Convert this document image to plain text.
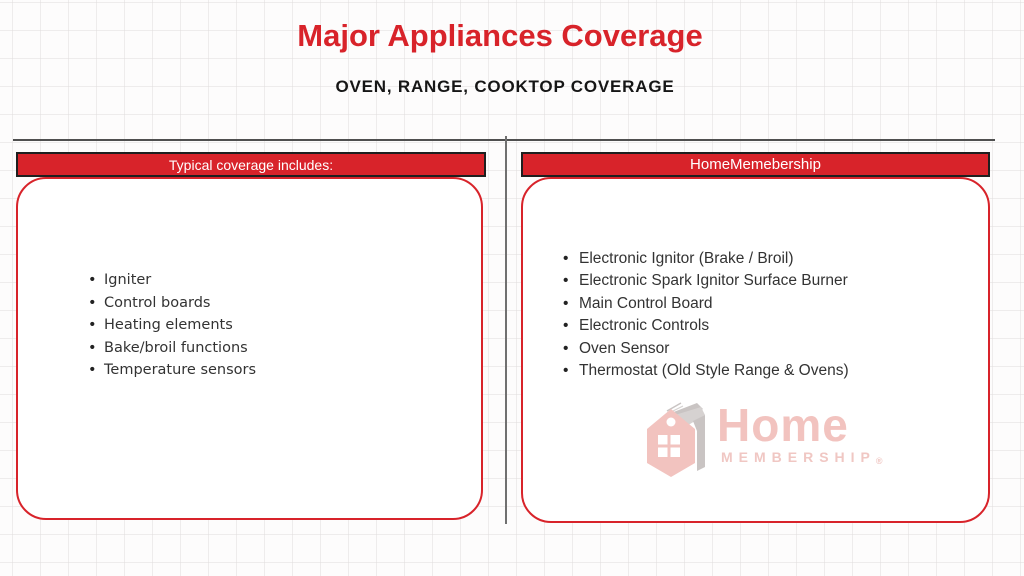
Major Appliances Coverage
OVEN, RANGE, COOKTOP COVERAGE
Typical coverage includes:
• Igniter
• Control boards
• Heating elements
• Bake/broil functions
• Temperature sensors
HomeMemebership
• Electronic Ignitor (Brake / Broil)
• Electronic Spark Ignitor Surface Burner
• Main Control Board
• Electronic Controls
• Oven Sensor
• Thermostat (Old Style Range & Ovens)
Home
MEMBERSHIP®
